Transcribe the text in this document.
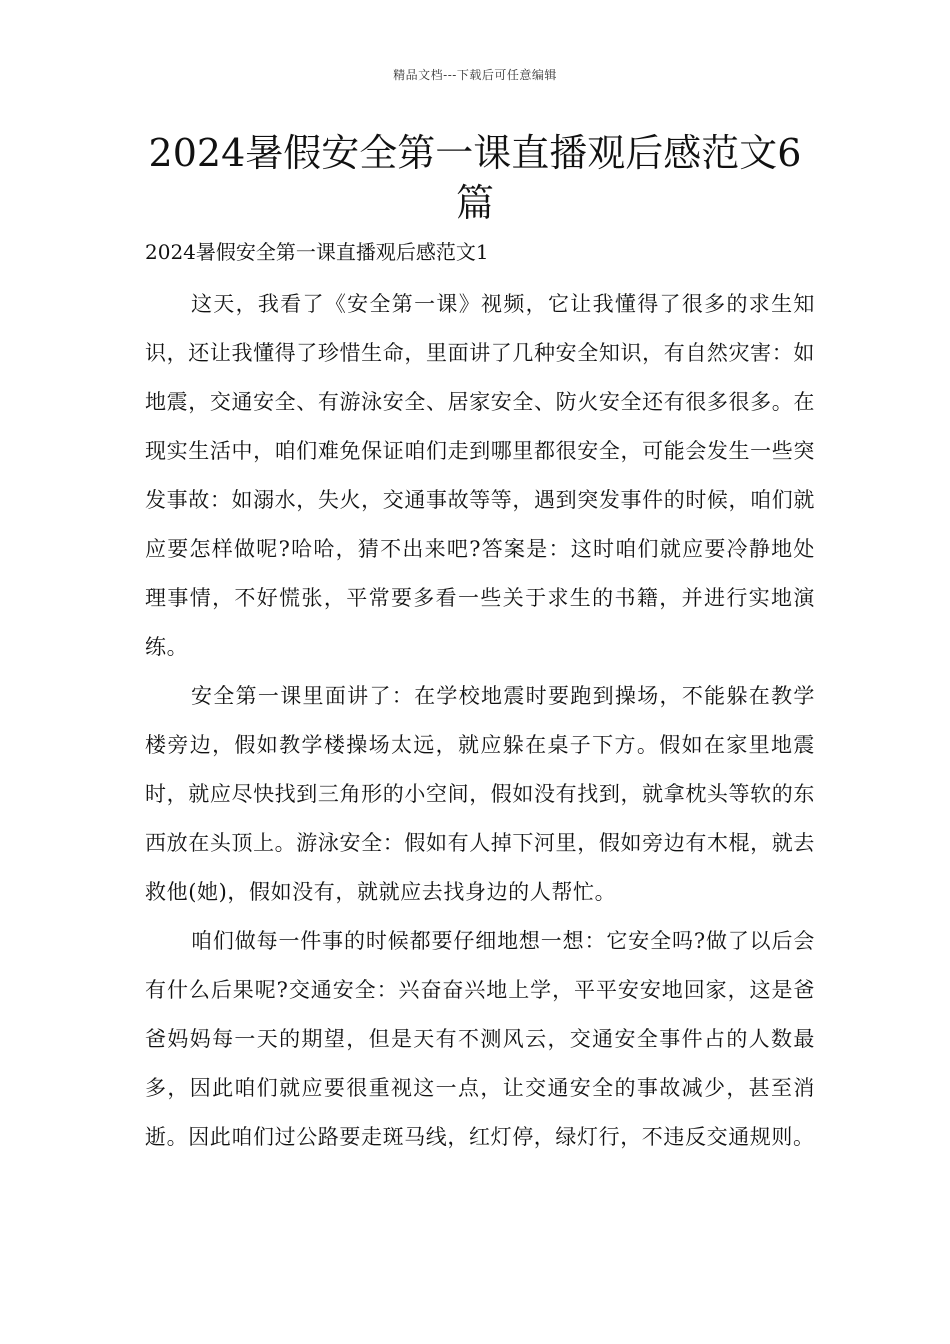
精品文档---下载后可任意编辑
2024暑假安全第一课直播观后感范文6篇
2024暑假安全第一课直播观后感范文1

这天，我看了《安全第一课》视频，它让我懂得了很多的求生知识，还让我懂得了珍惜生命，里面讲了几种安全知识，有自然灾害：如地震，交通安全、有游泳安全、居家安全、防火安全还有很多很多。在现实生活中，咱们难免保证咱们走到哪里都很安全，可能会发生一些突发事故：如溺水，失火，交通事故等等，遇到突发事件的时候，咱们就应要怎样做呢?哈哈，猜不出来吧?答案是：这时咱们就应要冷静地处理事情，不好慌张，平常要多看一些关于求生的书籍，并进行实地演练。

安全第一课里面讲了：在学校地震时要跑到操场，不能躲在教学楼旁边，假如教学楼操场太远，就应躲在桌子下方。假如在家里地震时，就应尽快找到三角形的小空间，假如没有找到，就拿枕头等软的东西放在头顶上。游泳安全：假如有人掉下河里，假如旁边有木棍，就去救他(她)，假如没有，就就应去找身边的人帮忙。

咱们做每一件事的时候都要仔细地想一想：它安全吗?做了以后会有什么后果呢?交通安全：兴奋奋兴地上学，平平安安地回家，这是爸爸妈妈每一天的期望，但是天有不测风云，交通安全事件占的人数最多，因此咱们就应要很重视这一点，让交通安全的事故减少，甚至消逝。因此咱们过公路要走斑马线，红灯停，绿灯行，不违反交通规则。
